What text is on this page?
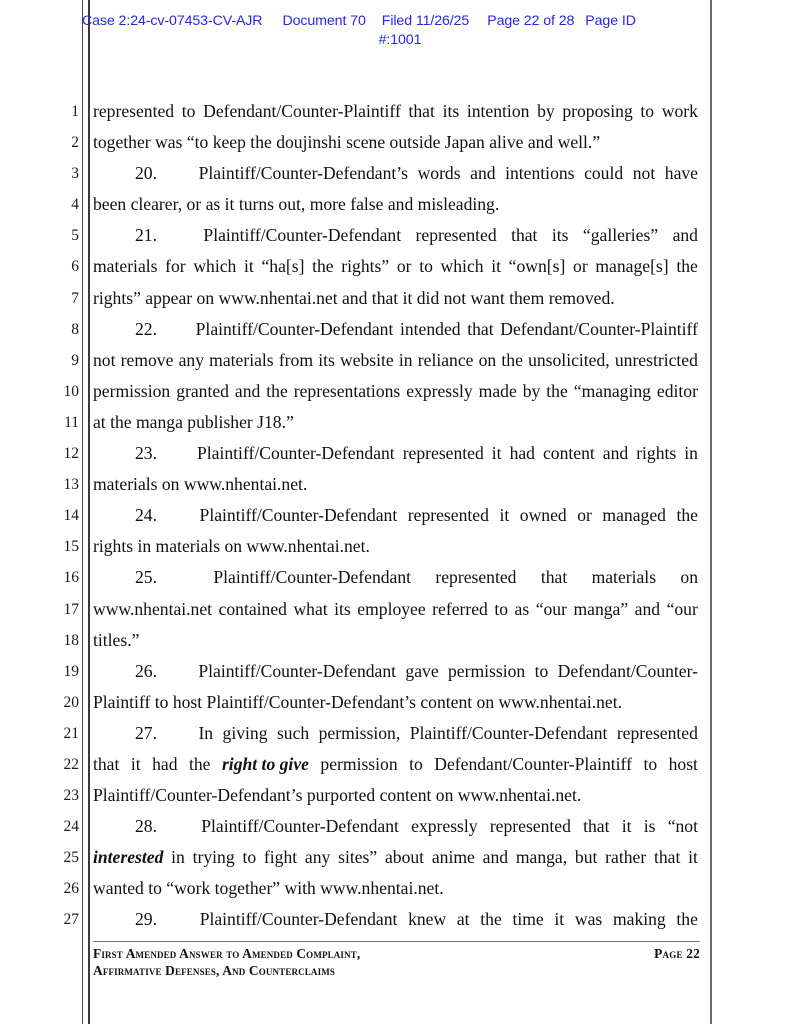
Case 2:24-cv-07453-CV-AJR Document 70 Filed 11/26/25 Page 22 of 28 Page ID
#:1001
1
2
3
4
5
6
7
8
9
10
11
12
13
14
15
16
17
18
19
20
21
22
23
24
25
26
27
represented to Defendant/Counter-Plaintiff that its intention by proposing to work
together was “to keep the doujinshi scene outside Japan alive and well.”
20.	Plaintiff/Counter-Defendant’s words and intentions could not have
been clearer, or as it turns out, more false and misleading.
21.	Plaintiff/Counter-Defendant represented that its “galleries” and
materials for which it “ha[s] the rights” or to which it “own[s] or manage[s] the
rights” appear on www.nhentai.net and that it did not want them removed.
22.	Plaintiff/Counter-Defendant intended that Defendant/Counter-Plaintiff
not remove any materials from its website in reliance on the unsolicited, unrestricted
permission granted and the representations expressly made by the “managing editor
at the manga publisher J18.”
23.	Plaintiff/Counter-Defendant represented it had content and rights in
materials on www.nhentai.net.
24.	Plaintiff/Counter-Defendant represented it owned or managed the
rights in materials on www.nhentai.net.
25.	Plaintiff/Counter-Defendant represented that materials on
www.nhentai.net contained what its employee referred to as “our manga” and “our
titles.”
26.	Plaintiff/Counter-Defendant gave permission to Defendant/Counter-
Plaintiff to host Plaintiff/Counter-Defendant’s content on www.nhentai.net.
27.	In giving such permission, Plaintiff/Counter-Defendant represented
that it had the right to give permission to Defendant/Counter-Plaintiff to host
Plaintiff/Counter-Defendant’s purported content on www.nhentai.net.
28.	Plaintiff/Counter-Defendant expressly represented that it is “not
interested in trying to fight any sites” about anime and manga, but rather that it
wanted to “work together” with www.nhentai.net.
29.	Plaintiff/Counter-Defendant knew at the time it was making the
First Amended Answer to Amended Complaint,
Affirmative Defenses, And Counterclaims
Page 22
